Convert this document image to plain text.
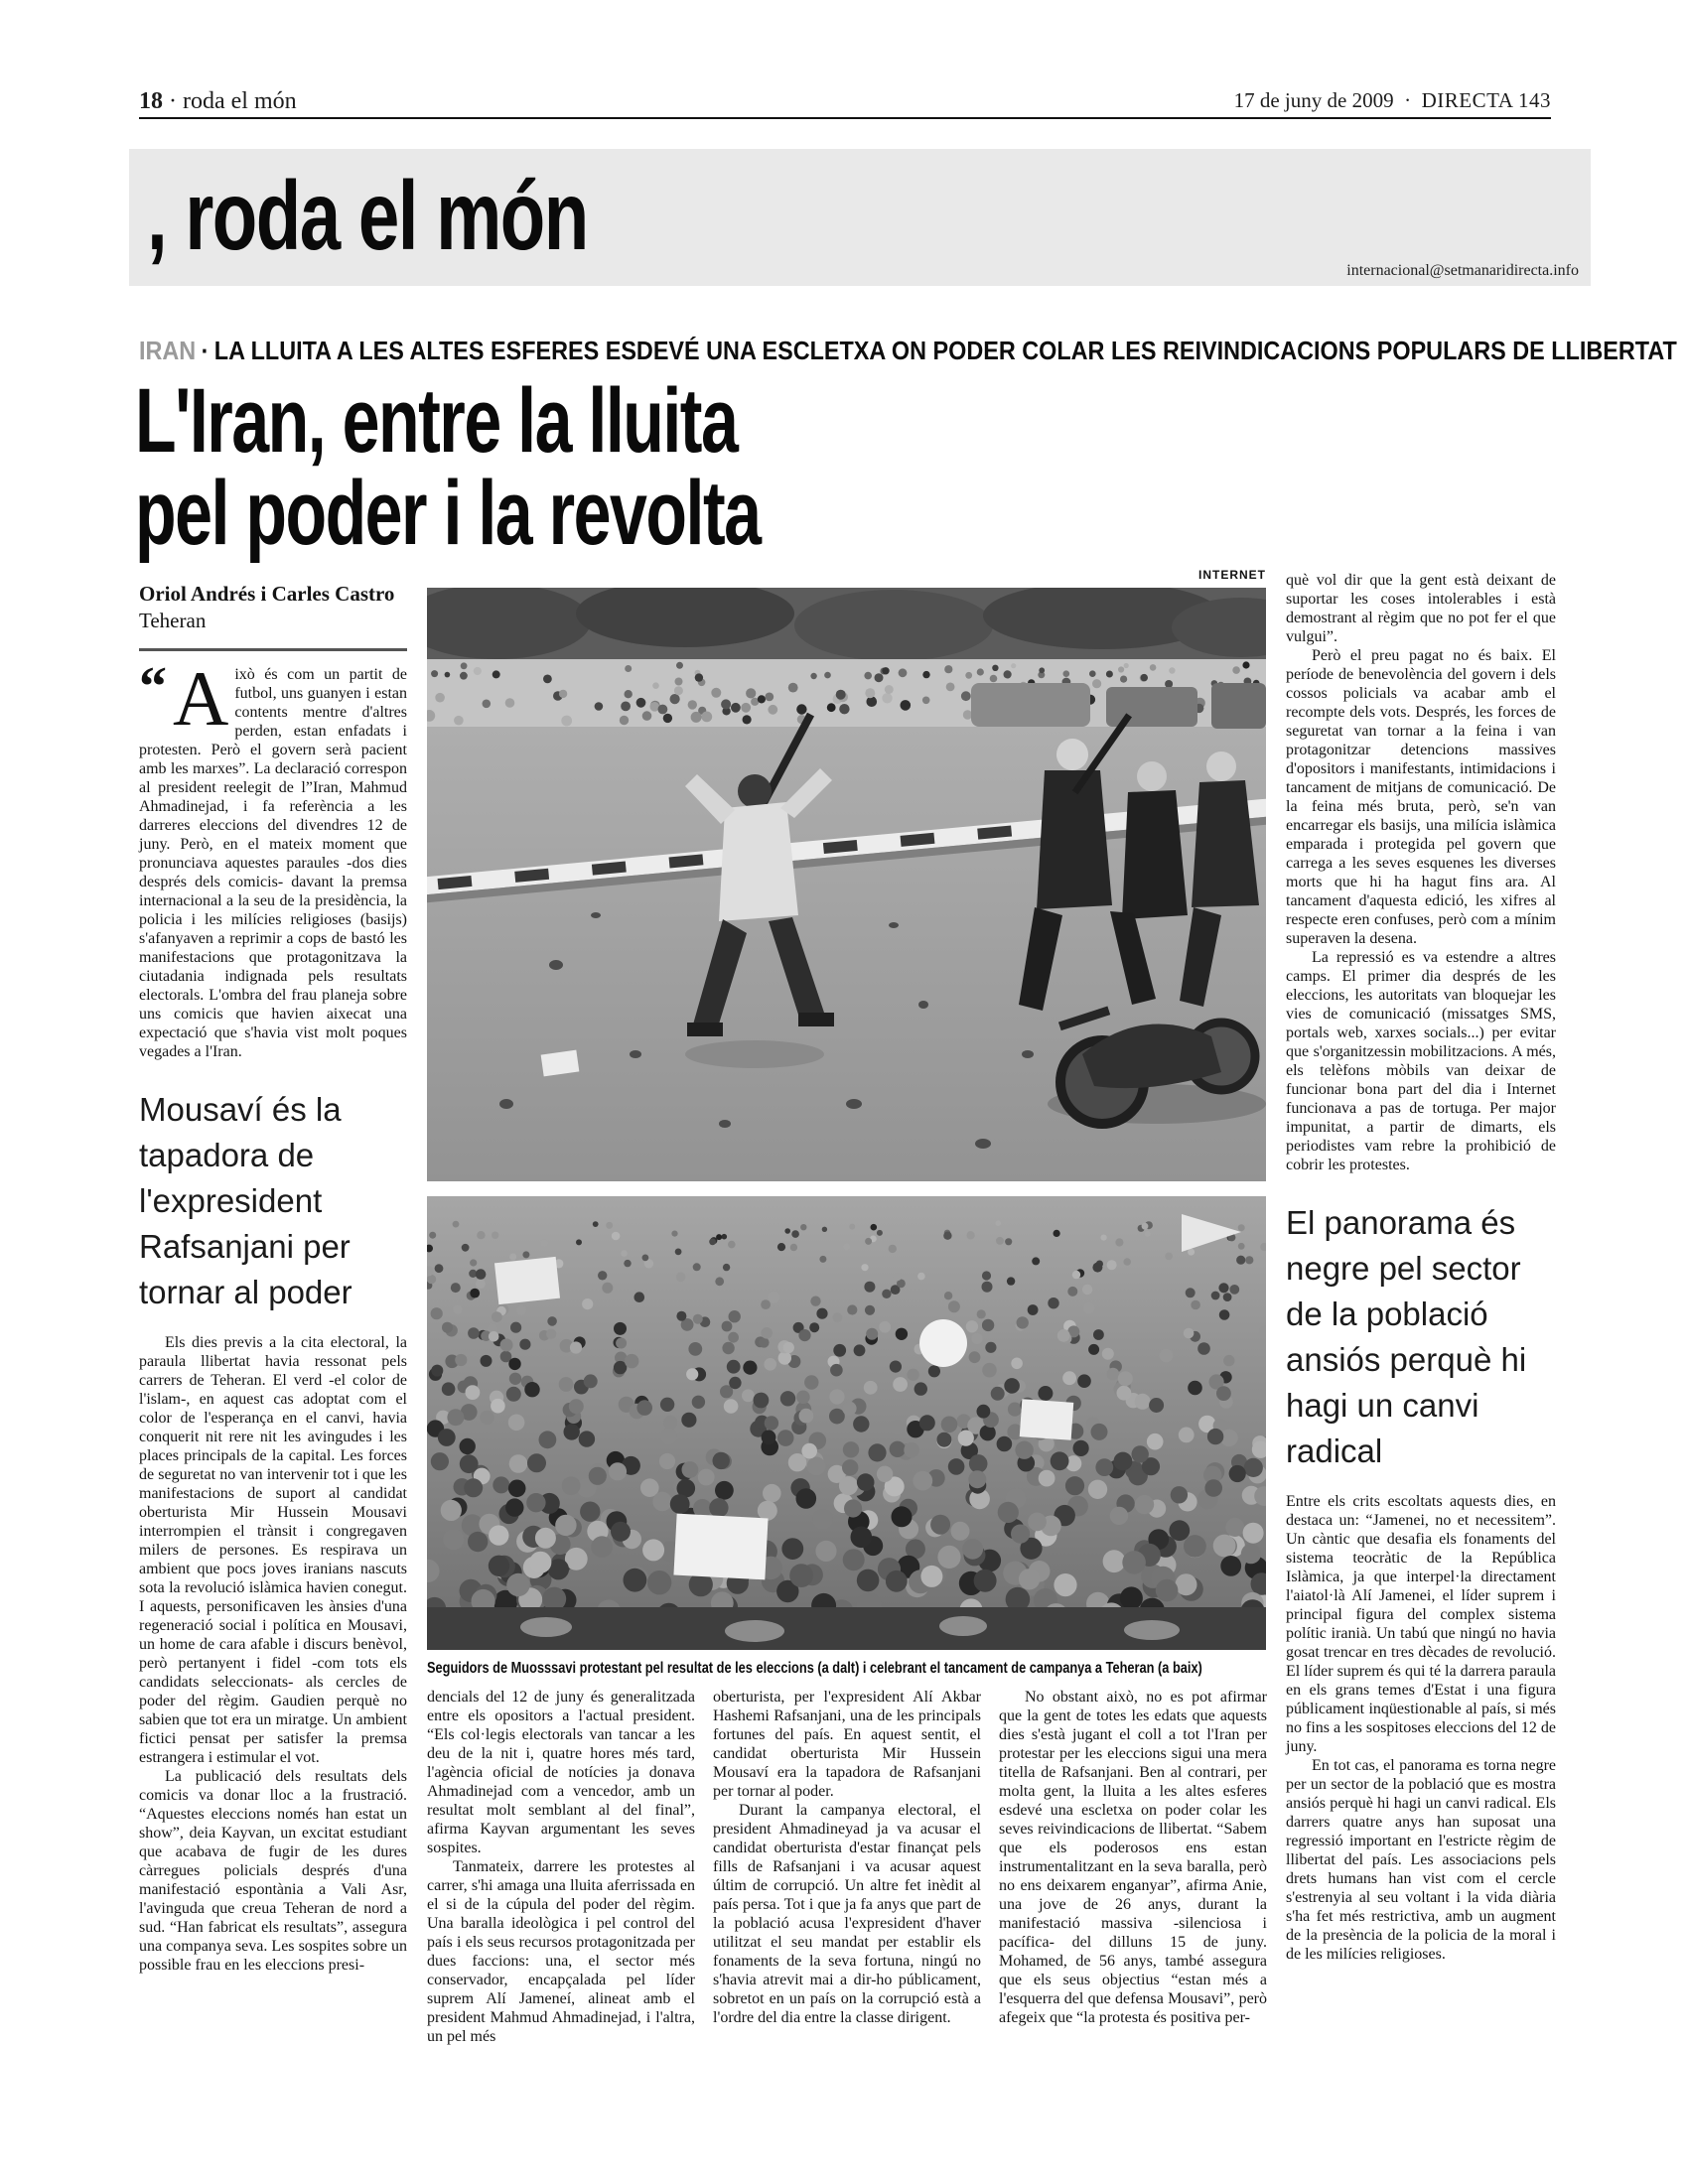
18 · roda el món	17 de juny de 2009 · DIRECTA 143
, roda el món
internacional@setmanaridirecta.info
IRAN · LA LLUITA A LES ALTES ESFERES ESDEVÉ UNA ESCLETXA ON PODER COLAR LES REIVINDICACIONS POPULARS DE LLIBERTAT
L'Iran, entre la lluita
pel poder i la revolta
INTERNET
Seguidors de Muosssavi protestant pel resultat de les eleccions (a dalt) i celebrant el tancament de campanya a Teheran (a baix)
Oriol Andrés i Carles Castro
Teheran

“ A ixò és com un partit de futbol, uns guanyen i estan contents mentre d'altres perden, estan enfadats i protesten. Però el govern serà pacient amb les marxes”. La declaració correspon al president reelegit de l”Iran, Mahmud Ahmadinejad, i fa referència a les darreres eleccions del divendres 12 de juny. Però, en el mateix moment que pronunciava aquestes paraules -dos dies després dels comicis- davant la premsa internacional a la seu de la presidència, la policia i les milícies religioses (basijs) s'afanyaven a reprimir a cops de bastó les manifestacions que protagonitzava la ciutadania indignada pels resultats electorals. L'ombra del frau planeja sobre uns comicis que havien aixecat una expectació que s'havia vist molt poques vegades a l'Iran.

Mousaví és la tapadora de l'expresident Rafsanjani per tornar al poder

Els dies previs a la cita electoral, la paraula llibertat havia ressonat pels carrers de Teheran. El verd -el color de l'islam-, en aquest cas adoptat com el color de l'esperança en el canvi, havia conquerit nit rere nit les avingudes i les places principals de la capital. Les forces de seguretat no van intervenir tot i que les manifestacions de suport al candidat oberturista Mir Hussein Mousavi interrompien el trànsit i congregaven milers de persones. Es respirava un ambient que pocs joves iranians nascuts sota la revolució islàmica havien conegut. I aquests, personificaven les ànsies d'una regeneració social i política en Mousavi, un home de cara afable i discurs benèvol, però pertanyent i fidel -com tots els candidats seleccionats- als cercles de poder del règim. Gaudien perquè no sabien que tot era un miratge. Un ambient fictici pensat per satisfer la premsa estrangera i estimular el vot.

La publicació dels resultats dels comicis va donar lloc a la frustració. “Aquestes eleccions només han estat un show”, deia Kayvan, un excitat estudiant que acabava de fugir de les dures càrregues policials després d'una manifestació espontània a Vali Asr, l'avinguda que creua Teheran de nord a sud. “Han fabricat els resultats”, assegura una companya seva. Les sospites sobre un possible frau en les eleccions presi-

dencials del 12 de juny és generalitzada entre els opositors a l'actual president. “Els col·legis electorals van tancar a les deu de la nit i, quatre hores més tard, l'agència oficial de notícies ja donava Ahmadinejad com a vencedor, amb un resultat molt semblant al del final”, afirma Kayvan argumentant les seves sospites.

Tanmateix, darrere les protestes al carrer, s'hi amaga una lluita aferrissada en el si de la cúpula del poder del règim. Una baralla ideològica i pel control del país i els seus recursos protagonitzada per dues faccions: una, el sector més conservador, encapçalada pel líder suprem Alí Jameneí, alineat amb el president Mahmud Ahmadinejad, i l'altra, un pel més

oberturista, per l'expresident Alí Akbar Hashemi Rafsanjani, una de les principals fortunes del país. En aquest sentit, el candidat oberturista Mir Hussein Mousaví era la tapadora de Rafsanjani per tornar al poder.

Durant la campanya electoral, el president Ahmadineyad ja va acusar el candidat oberturista d'estar finançat pels fills de Rafsanjani i va acusar aquest últim de corrupció. Un altre fet inèdit al país persa. Tot i que ja fa anys que part de la població acusa l'expresident d'haver utilitzat el seu mandat per establir els fonaments de la seva fortuna, ningú no s'havia atrevit mai a dir-ho públicament, sobretot en un país on la corrupció està a l'ordre del dia entre la classe dirigent.

No obstant això, no es pot afirmar que la gent de totes les edats que aquests dies s'està jugant el coll a tot l'Iran per protestar per les eleccions sigui una mera titella de Rafsanjani. Ben al contrari, per molta gent, la lluita a les altes esferes esdevé una escletxa on poder colar les seves reivindicacions de llibertat. “Sabem que els poderosos ens estan instrumentalitzant en la seva baralla, però no ens deixarem enganyar”, afirma Anie, una jove de 26 anys, durant la manifestació massiva -silenciosa i pacífica- del dilluns 15 de juny. Mohamed, de 56 anys, també assegura que els seus objectius “estan més a l'esquerra del que defensa Mousavi”, però afegeix que “la protesta és positiva per-

què vol dir que la gent està deixant de suportar les coses intolerables i està demostrant al règim que no pot fer el que vulgui”.

Però el preu pagat no és baix. El període de benevolència del govern i dels cossos policials va acabar amb el recompte dels vots. Després, les forces de seguretat van tornar a la feina i van protagonitzar detencions massives d'opositors i manifestants, intimidacions i tancament de mitjans de comunicació. De la feina més bruta, però, se'n van encarregar els basijs, una milícia islàmica emparada i protegida pel govern que carrega a les seves esquenes les diverses morts que hi ha hagut fins ara. Al tancament d'aquesta edició, les xifres al respecte eren confuses, però com a mínim superaven la desena.

La repressió es va estendre a altres camps. El primer dia després de les eleccions, les autoritats van bloquejar les vies de comunicació (missatges SMS, portals web, xarxes socials...) per evitar que s'organitzessin mobilitzacions. A més, els telèfons mòbils van deixar de funcionar bona part del dia i Internet funcionava a pas de tortuga. Per major impunitat, a partir de dimarts, els periodistes vam rebre la prohibició de cobrir les protestes.

El panorama és negre pel sector de la població ansiós perquè hi hagi un canvi radical

Entre els crits escoltats aquests dies, en destaca un: “Jamenei, no et necessitem”. Un càntic que desafia els fonaments del sistema teocràtic de la República Islàmica, ja que interpel·la directament l'aiatol·là Alí Jamenei, el líder suprem i principal figura del complex sistema polític iranià. Un tabú que ningú no havia gosat trencar en tres dècades de revolució. El líder suprem és qui té la darrera paraula en els grans temes d'Estat i una figura públicament inqüestionable al país, si més no fins a les sospitoses eleccions del 12 de juny.

En tot cas, el panorama es torna negre per un sector de la població que es mostra ansiós perquè hi hagi un canvi radical. Els darrers quatre anys han suposat una regressió important en l'estricte règim de llibertat del país. Les associacions pels drets humans han vist com el cercle s'estrenyia al seu voltant i la vida diària s'ha fet més restrictiva, amb un augment de la presència de la policia de la moral i de les milícies religioses.
